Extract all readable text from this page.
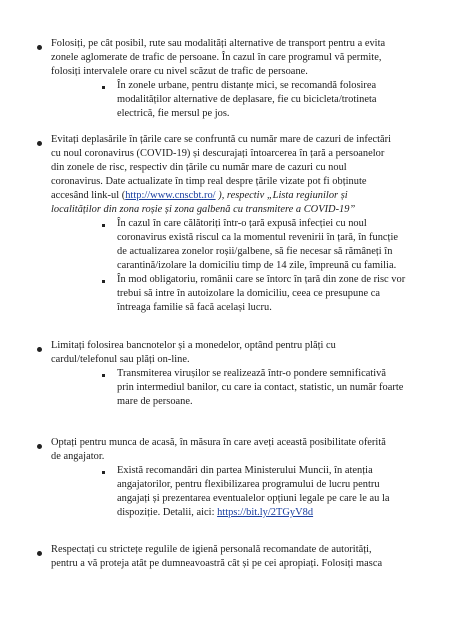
Folosiți, pe cât posibil, rute sau modalități alternative de transport pentru a evita
zonele aglomerate de trafic de persoane. În cazul în care programul vă permite,
folosiți intervalele orare cu nivel scăzut de trafic de persoane.
În zonele urbane, pentru distanțe mici, se recomandă folosirea
modalităților alternative de deplasare, fie cu bicicleta/trotineta
electrică, fie mersul pe jos.
Evitați deplasările în țările care se confruntă cu număr mare de cazuri de infectări
cu noul coronavirus (COVID-19) și descurajați întoarcerea în țară a persoanelor
din zonele de risc, respectiv din țările cu număr mare de cazuri cu noul
coronavirus. Date actualizate în timp real despre țările vizate pot fi obținute
accesând link-ul (http://www.cnscbt.ro/ ), respectiv „Lista regiunilor și
localităților din zona roșie și zona galbenă cu transmitere a COVID-19”
În cazul în care călătoriți într-o țară expusă infecției cu noul
coronavirus există riscul ca la momentul revenirii în țară, în funcție
de actualizarea zonelor roșii/galbene, să fie necesar să rămâneți în
carantină/izolare la domiciliu timp de 14 zile, împreună cu familia.
În mod obligatoriu, românii care se întorc în țară din zone de risc vor
trebui să intre în autoizolare la domiciliu, ceea ce presupune ca
întreaga familie să facă același lucru.
Limitați folosirea bancnotelor și a monedelor, optând pentru plăți cu
cardul/telefonul sau plăți on-line.
Transmiterea virușilor se realizează într-o pondere semnificativă
prin intermediul banilor, cu care ia contact, statistic, un număr foarte
mare de persoane.
Optați pentru munca de acasă, în măsura în care aveți această posibilitate oferită
de angajator.
Există recomandări din partea Ministerului Muncii, în atenția
angajatorilor, pentru flexibilizarea programului de lucru pentru
angajați și prezentarea eventualelor opțiuni legale pe care le au la
dispoziție. Detalii, aici: https://bit.ly/2TGyV8d
Respectați cu strictețe regulile de igienă personală recomandate de autorități,
pentru a vă proteja atât pe dumneavoastră cât și pe cei apropiați. Folosiți masca
